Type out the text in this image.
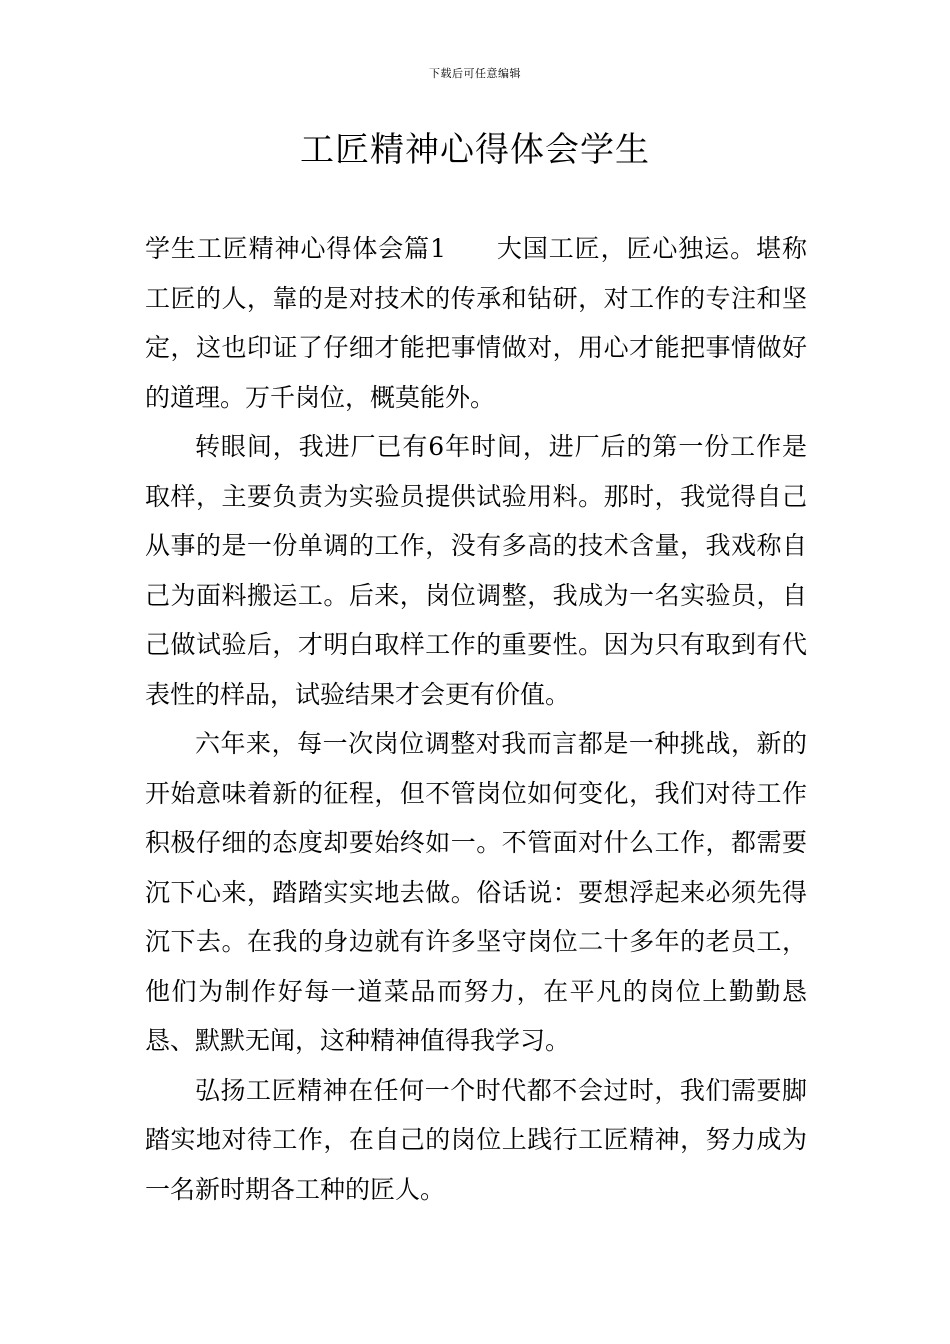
下载后可任意编辑
工匠精神心得体会学生

学生工匠精神心得体会篇1 大国工匠，匠心独运。堪称工匠的人，靠的是对技术的传承和钻研，对工作的专注和坚定，这也印证了仔细才能把事情做对，用心才能把事情做好的道理。万千岗位，概莫能外。

转眼间，我进厂已有6年时间，进厂后的第一份工作是取样，主要负责为实验员提供试验用料。那时，我觉得自己从事的是一份单调的工作，没有多高的技术含量，我戏称自己为面料搬运工。后来，岗位调整，我成为一名实验员，自己做试验后，才明白取样工作的重要性。因为只有取到有代表性的样品，试验结果才会更有价值。

六年来，每一次岗位调整对我而言都是一种挑战，新的开始意味着新的征程，但不管岗位如何变化，我们对待工作积极仔细的态度却要始终如一。不管面对什么工作，都需要沉下心来，踏踏实实地去做。俗话说：要想浮起来必须先得沉下去。在我的身边就有许多坚守岗位二十多年的老员工，他们为制作好每一道菜品而努力，在平凡的岗位上勤勤恳恳、默默无闻，这种精神值得我学习。

弘扬工匠精神在任何一个时代都不会过时，我们需要脚踏实地对待工作，在自己的岗位上践行工匠精神，努力成为一名新时期各工种的匠人。
